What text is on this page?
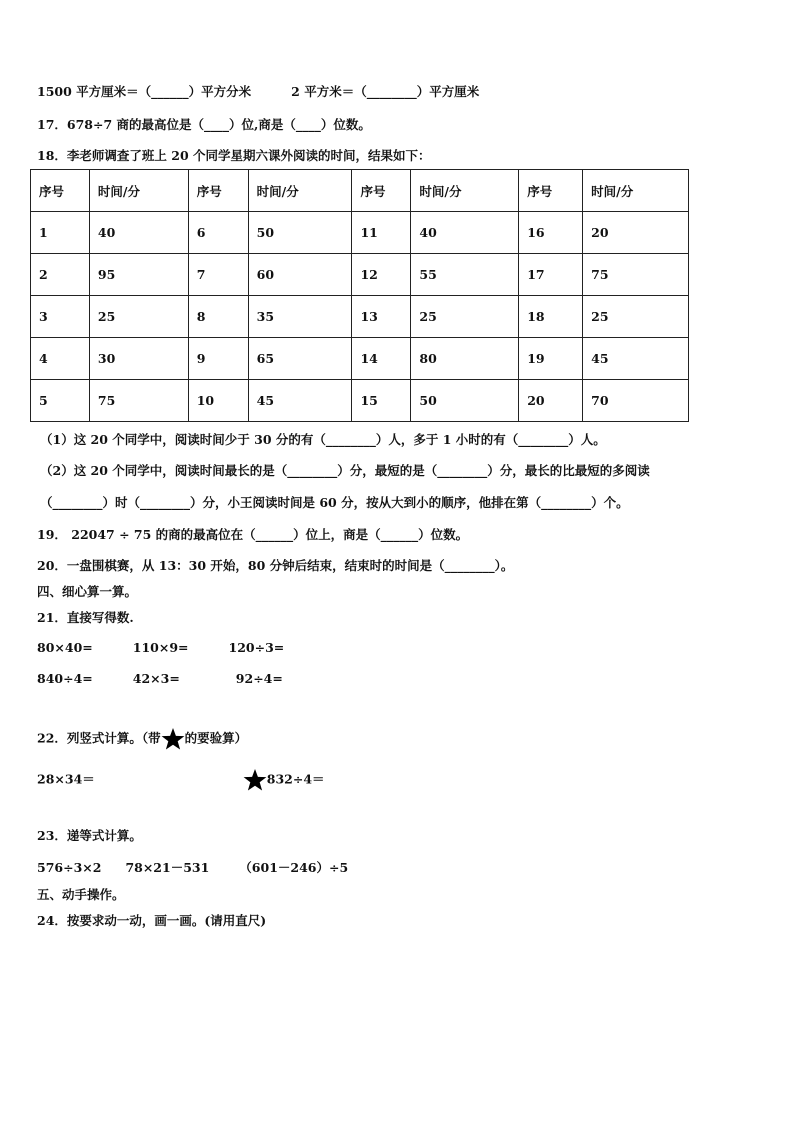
1500 平方厘米＝（______）平方分米	2 平方米＝（________）平方厘米
17．678÷7 商的最高位是（____）位,商是（____）位数。
18．李老师调查了班上 20 个同学星期六课外阅读的时间，结果如下：
序号	时间/分	序号	时间/分	序号	时间/分	序号	时间/分
1	40	6	50	11	40	16	20
2	95	7	60	12	55	17	75
3	25	8	35	13	25	18	25
4	30	9	65	14	80	19	45
5	75	10	45	15	50	20	70
（1）这 20 个同学中，阅读时间少于 30 分的有（________）人，多于 1 小时的有（________）人。
（2）这 20 个同学中，阅读时间最长的是（________）分，最短的是（________）分，最长的比最短的多阅读
（________）时（________）分，小王阅读时间是 60 分，按从大到小的顺序，他排在第（________）个。
19． 22047 ÷ 75 的商的最高位在（______）位上，商是（______）位数。
20．一盘围棋赛，从 13：30 开始，80 分钟后结束，结束时的时间是（________）。
四、细心算一算。
21．直接写得数.
80×40=	110×9=	120÷3=
840÷4=	42×3=	92÷4=
22．列竖式计算。（带 的要验算）
28×34＝	832÷4＝
23．递等式计算。
576÷3×2 78×21－531 （601－246）÷5
五、动手操作。
24．按要求动一动，画一画。(请用直尺)
